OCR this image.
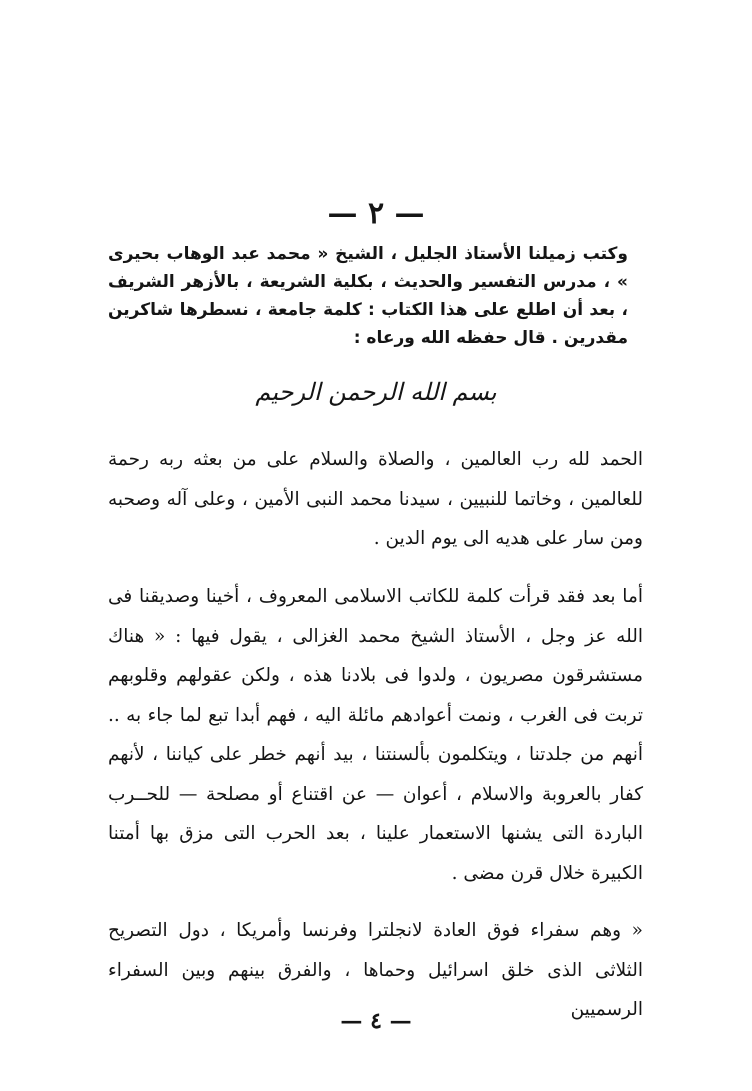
— ٢ —
وكتب زميلنا الأستاذ الجليل ، الشيخ « محمد عبد الوهاب بحيرى » ، مدرس التفسير والحديث ، بكلية الشريعة ، بالأزهر الشريف ، بعد أن اطلع على هذا الكتاب : كلمة جامعة ، نسطرها شاكرين مقدرين . قال حفظه الله ورعاه :
بسم الله الرحمن الرحيم
الحمد لله رب العالمين ، والصلاة والسلام على من بعثه ربه رحمة للعالمين ، وخاتما للنبيين ، سيدنا محمد النبى الأمين ، وعلى آله وصحبه ومن سار على هديه الى يوم الدين .
أما بعد فقد قرأت كلمة للكاتب الاسلامى المعروف ، أخينا وصديقنا فى الله عز وجل ، الأستاذ الشيخ محمد الغزالى ، يقول فيها : « هناك مستشرقون مصريون ، ولدوا فى بلادنا هذه ، ولكن عقولهم وقلوبهم تربت فى الغرب ، ونمت أعوادهم مائلة اليه ، فهم أبدا تبع لما جاء به .. أنهم من جلدتنا ، ويتكلمون بألسنتنا ، بيد أنهم خطر على كياننا ، لأنهم كفار بالعروبة والاسلام ، أعوان — عن اقتناع أو مصلحة — للحــرب الباردة التى يشنها الاستعمار علينا ، بعد الحرب التى مزق بها أمتنا الكبيرة خلال قرن مضى .
« وهم سفراء فوق العادة لانجلترا وفرنسا وأمريكا ، دول التصريح الثلاثى الذى خلق اسرائيل وحماها ، والفرق بينهم وبين السفراء الرسميين
— ٤ —
